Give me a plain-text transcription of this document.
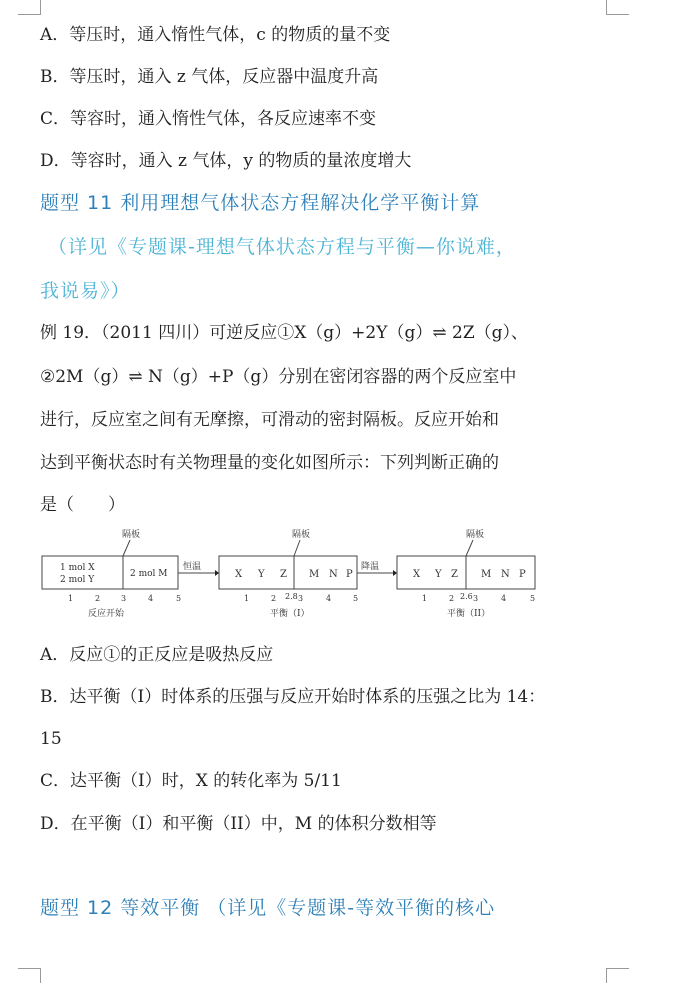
A．等压时，通入惰性气体，c 的物质的量不变
B．等压时，通入 z 气体，反应器中温度升高
C．等容时，通入惰性气体，各反应速率不变
D．等容时，通入 z 气体，y 的物质的量浓度增大
题型 11 利用理想气体状态方程解决化学平衡计算
（详见《专题课-理想气体状态方程与平衡—你说难，
我说易》）
例 19．（2011 四川）可逆反应①X（g）+2Y（g）⇌ 2Z（g）、
②2M（g）⇌ N（g）+P（g）分别在密闭容器的两个反应室中
进行，反应室之间有无摩擦，可滑动的密封隔板。反应开始和
达到平衡状态时有关物理量的变化如图所示：下列判断正确的
是（　　）
隔板	隔板	隔板
1 mol X
2 mol Y
2 mol M
恒温	降温
X Y Z M N P	X Y Z M N P
1	2	3	4	5	1	2 2.8 3	4	5	1	2 2.6 3	4	5
反应开始	平衡（I）	平衡（II）
A．反应①的正反应是吸热反应
B．达平衡（I）时体系的压强与反应开始时体系的压强之比为 14：
15
C．达平衡（I）时，X 的转化率为 5/11
D．在平衡（I）和平衡（II）中，M 的体积分数相等
题型 12 等效平衡 （详见《专题课-等效平衡的核心
